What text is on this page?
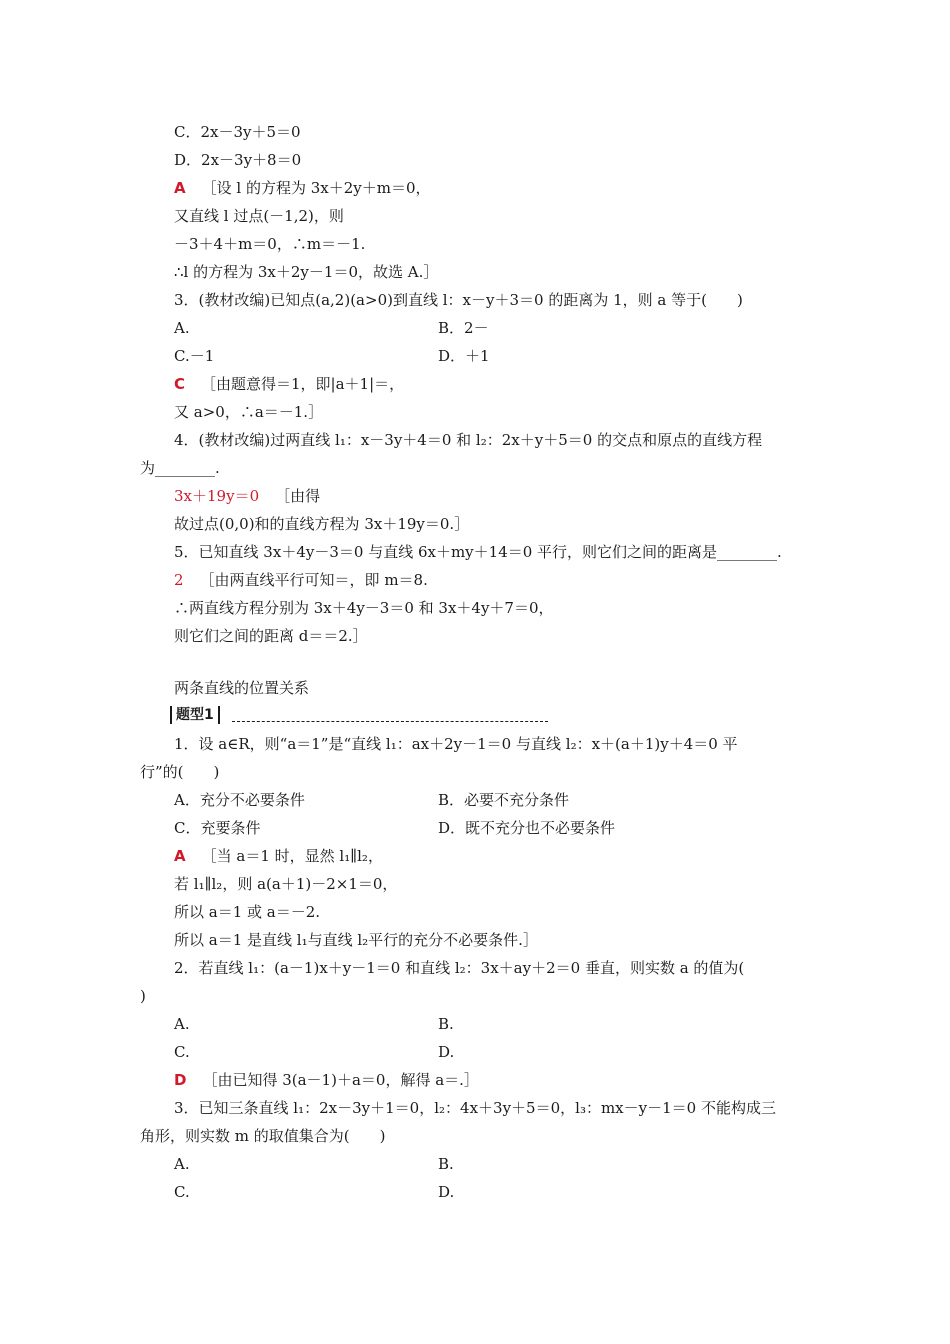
C．2x－3y＋5＝0
D．2x－3y＋8＝0
A ［设 l 的方程为 3x＋2y＋m＝0，
又直线 l 过点(－1,2)，则
－3＋4＋m＝0，∴m＝－1.
∴l 的方程为 3x＋2y－1＝0，故选 A.］
3．(教材改编)已知点(a,2)(a>0)到直线 l：x－y＋3＝0 的距离为 1，则 a 等于(　　)
A.	B．2－
C.－1	D．＋1
C ［由题意得＝1，即|a＋1|＝，
又 a>0，∴a＝－1.］
4．(教材改编)过两直线 l₁：x－3y＋4＝0 和 l₂：2x＋y＋5＝0 的交点和原点的直线方程
为________.
3x＋19y＝0 ［由得
故过点(0,0)和的直线方程为 3x＋19y＝0.］
5．已知直线 3x＋4y－3＝0 与直线 6x＋my＋14＝0 平行，则它们之间的距离是________.
2 ［由两直线平行可知＝，即 m＝8.
∴两直线方程分别为 3x＋4y－3＝0 和 3x＋4y＋7＝0，
则它们之间的距离 d＝＝2.］
两条直线的位置关系
题型1
1．设 a∈R，则“a＝1”是“直线 l₁：ax＋2y－1＝0 与直线 l₂：x＋(a＋1)y＋4＝0 平
行”的(　　)
A．充分不必要条件	B．必要不充分条件
C．充要条件	D．既不充分也不必要条件
A ［当 a＝1 时，显然 l₁∥l₂，
若 l₁∥l₂，则 a(a＋1)－2×1＝0，
所以 a＝1 或 a＝－2.
所以 a＝1 是直线 l₁与直线 l₂平行的充分不必要条件.］
2．若直线 l₁：(a－1)x＋y－1＝0 和直线 l₂：3x＋ay＋2＝0 垂直，则实数 a 的值为(
)
A.	B.
C.	D.
D ［由已知得 3(a－1)＋a＝0，解得 a＝.］
3．已知三条直线 l₁：2x－3y＋1＝0，l₂：4x＋3y＋5＝0，l₃：mx－y－1＝0 不能构成三
角形，则实数 m 的取值集合为(　　)
A.	B.
C.	D.
